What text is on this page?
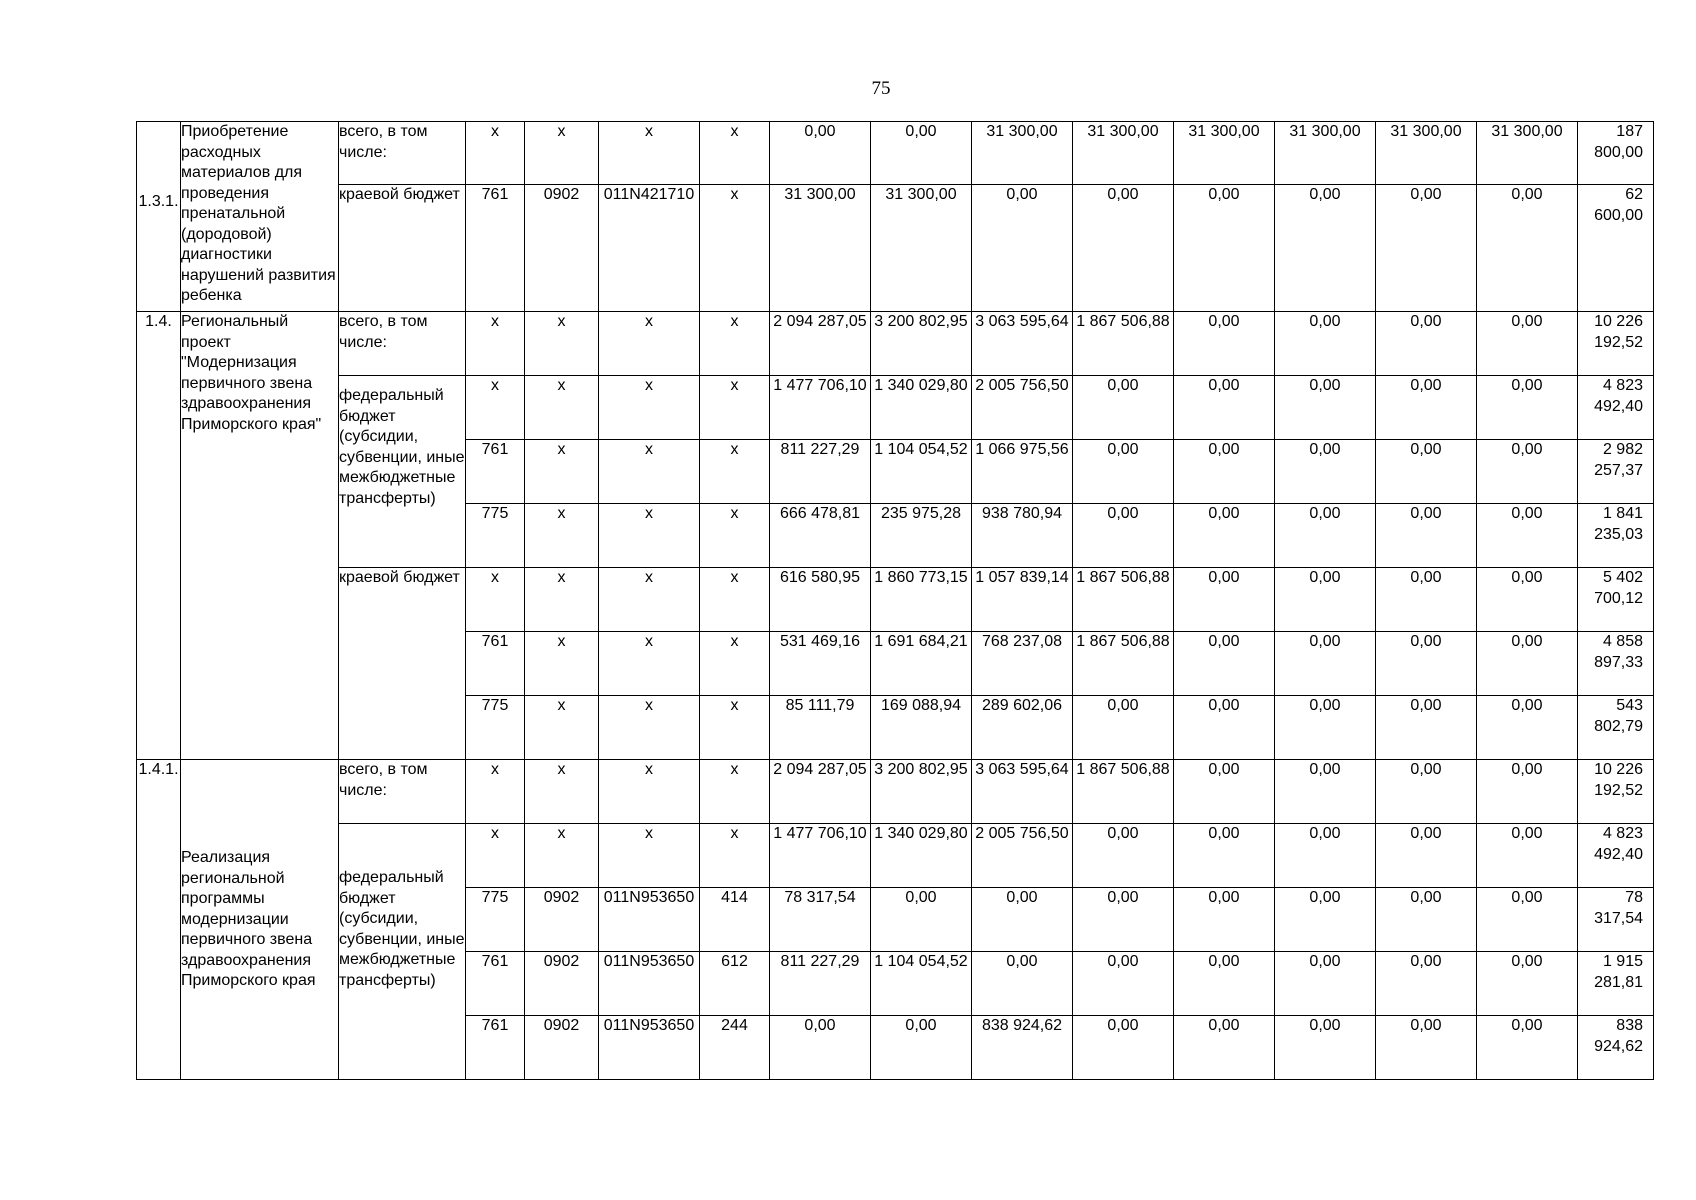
75
1.3.1.	Приобретение расходных материалов для проведения пренатальной (дородовой) диагностики нарушений развития ребенка	всего, в том числе:	x	x	x	x	0,00	0,00	31 300,00	31 300,00	31 300,00	31 300,00	31 300,00	31 300,00	187 800,00
		краевой бюджет	761	0902	011N421710	x	31 300,00	31 300,00	0,00	0,00	0,00	0,00	0,00	0,00	62 600,00
1.4.	Региональный проект "Модернизация первичного звена здравоохранения Приморского края"	всего, в том числе:	x	x	x	x	2 094 287,05	3 200 802,95	3 063 595,64	1 867 506,88	0,00	0,00	0,00	0,00	10 226 192,52
		федеральный бюджет (субсидии, субвенции, иные межбюджетные трансферты)	x	x	x	x	1 477 706,10	1 340 029,80	2 005 756,50	0,00	0,00	0,00	0,00	0,00	4 823 492,40
			761	x	x	x	811 227,29	1 104 054,52	1 066 975,56	0,00	0,00	0,00	0,00	0,00	2 982 257,37
			775	x	x	x	666 478,81	235 975,28	938 780,94	0,00	0,00	0,00	0,00	0,00	1 841 235,03
		краевой бюджет	x	x	x	x	616 580,95	1 860 773,15	1 057 839,14	1 867 506,88	0,00	0,00	0,00	0,00	5 402 700,12
			761	x	x	x	531 469,16	1 691 684,21	768 237,08	1 867 506,88	0,00	0,00	0,00	0,00	4 858 897,33
			775	x	x	x	85 111,79	169 088,94	289 602,06	0,00	0,00	0,00	0,00	0,00	543 802,79
1.4.1.	Реализация региональной программы модернизации первичного звена здравоохранения Приморского края	всего, в том числе:	x	x	x	x	2 094 287,05	3 200 802,95	3 063 595,64	1 867 506,88	0,00	0,00	0,00	0,00	10 226 192,52
		федеральный бюджет (субсидии, субвенции, иные межбюджетные трансферты)	x	x	x	x	1 477 706,10	1 340 029,80	2 005 756,50	0,00	0,00	0,00	0,00	0,00	4 823 492,40
			775	0902	011N953650	414	78 317,54	0,00	0,00	0,00	0,00	0,00	0,00	0,00	78 317,54
			761	0902	011N953650	612	811 227,29	1 104 054,52	0,00	0,00	0,00	0,00	0,00	0,00	1 915 281,81
			761	0902	011N953650	244	0,00	0,00	838 924,62	0,00	0,00	0,00	0,00	0,00	838 924,62
